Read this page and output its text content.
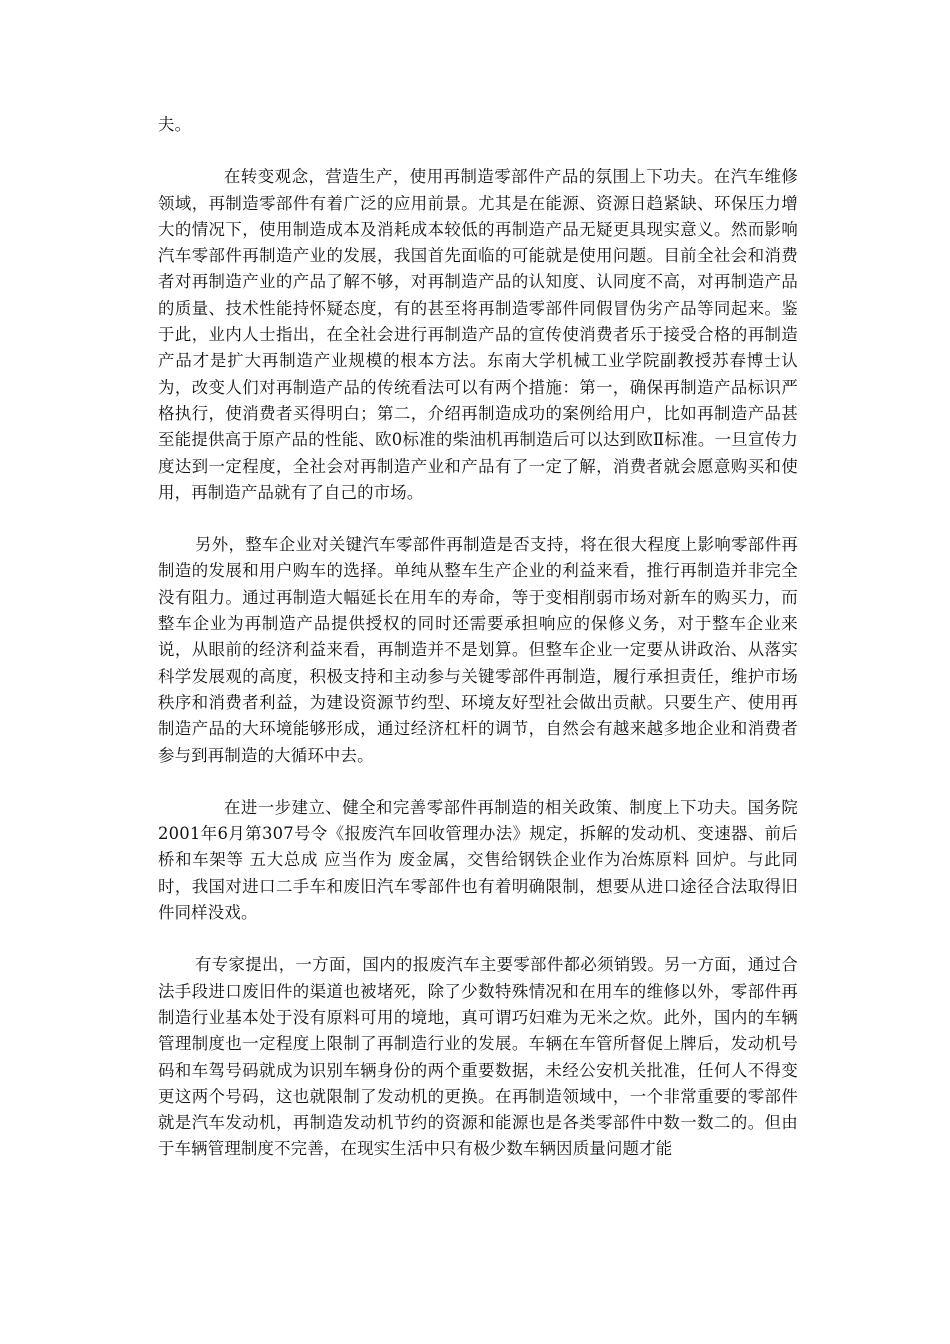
夫。

在转变观念，营造生产，使用再制造零部件产品的氛围上下功夫。在汽车维修领域，再制造零部件有着广泛的应用前景。尤其是在能源、资源日趋紧缺、环保压力增大的情况下，使用制造成本及消耗成本较低的再制造产品无疑更具现实意义。然而影响汽车零部件再制造产业的发展，我国首先面临的可能就是使用问题。目前全社会和消费者对再制造产业的产品了解不够，对再制造产品的认知度、认同度不高，对再制造产品的质量、技术性能持怀疑态度，有的甚至将再制造零部件同假冒伪劣产品等同起来。鉴于此，业内人士指出，在全社会进行再制造产品的宣传使消费者乐于接受合格的再制造产品才是扩大再制造产业规模的根本方法。东南大学机械工业学院副教授苏春博士认为，改变人们对再制造产品的传统看法可以有两个措施：第一，确保再制造产品标识严格执行，使消费者买得明白；第二，介绍再制造成功的案例给用户，比如再制造产品甚至能提供高于原产品的性能、欧0标准的柴油机再制造后可以达到欧Ⅱ标准。一旦宣传力度达到一定程度，全社会对再制造产业和产品有了一定了解，消费者就会愿意购买和使用，再制造产品就有了自己的市场。

另外，整车企业对关键汽车零部件再制造是否支持，将在很大程度上影响零部件再制造的发展和用户购车的选择。单纯从整车生产企业的利益来看，推行再制造并非完全没有阻力。通过再制造大幅延长在用车的寿命，等于变相削弱市场对新车的购买力，而整车企业为再制造产品提供授权的同时还需要承担响应的保修义务，对于整车企业来说，从眼前的经济利益来看，再制造并不是划算。但整车企业一定要从讲政治、从落实科学发展观的高度，积极支持和主动参与关键零部件再制造，履行承担责任，维护市场秩序和消费者利益，为建设资源节约型、环境友好型社会做出贡献。只要生产、使用再制造产品的大环境能够形成，通过经济杠杆的调节，自然会有越来越多地企业和消费者参与到再制造的大循环中去。

在进一步建立、健全和完善零部件再制造的相关政策、制度上下功夫。国务院2001年6月第307号令《报废汽车回收管理办法》规定，拆解的发动机、变速器、前后桥和车架等 五大总成 应当作为 废金属，交售给钢铁企业作为冶炼原料 回炉。与此同时，我国对进口二手车和废旧汽车零部件也有着明确限制，想要从进口途径合法取得旧件同样没戏。

有专家提出，一方面，国内的报废汽车主要零部件都必须销毁。另一方面，通过合法手段进口废旧件的渠道也被堵死，除了少数特殊情况和在用车的维修以外，零部件再制造行业基本处于没有原料可用的境地，真可谓巧妇难为无米之炊。此外，国内的车辆管理制度也一定程度上限制了再制造行业的发展。车辆在车管所督促上牌后，发动机号码和车驾号码就成为识别车辆身份的两个重要数据，未经公安机关批准，任何人不得变更这两个号码，这也就限制了发动机的更换。在再制造领域中，一个非常重要的零部件就是汽车发动机，再制造发动机节约的资源和能源也是各类零部件中数一数二的。但由于车辆管理制度不完善，在现实生活中只有极少数车辆因质量问题才能
